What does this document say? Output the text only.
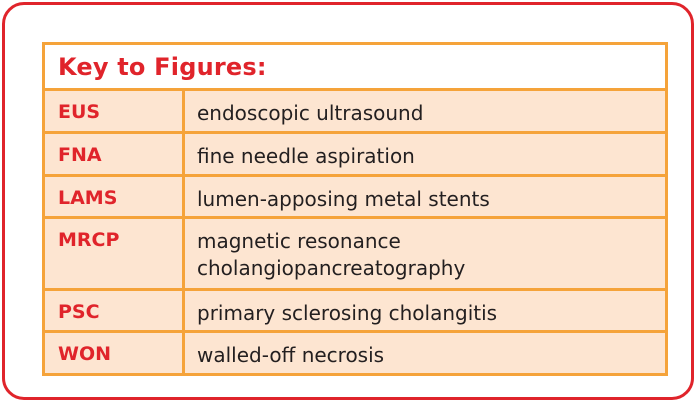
Key to Figures:
EUS	endoscopic ultrasound
FNA	fine needle aspiration
LAMS	lumen-apposing metal stents
MRCP	magnetic resonance cholangiopancreatography
PSC	primary sclerosing cholangitis
WON	walled-off necrosis
